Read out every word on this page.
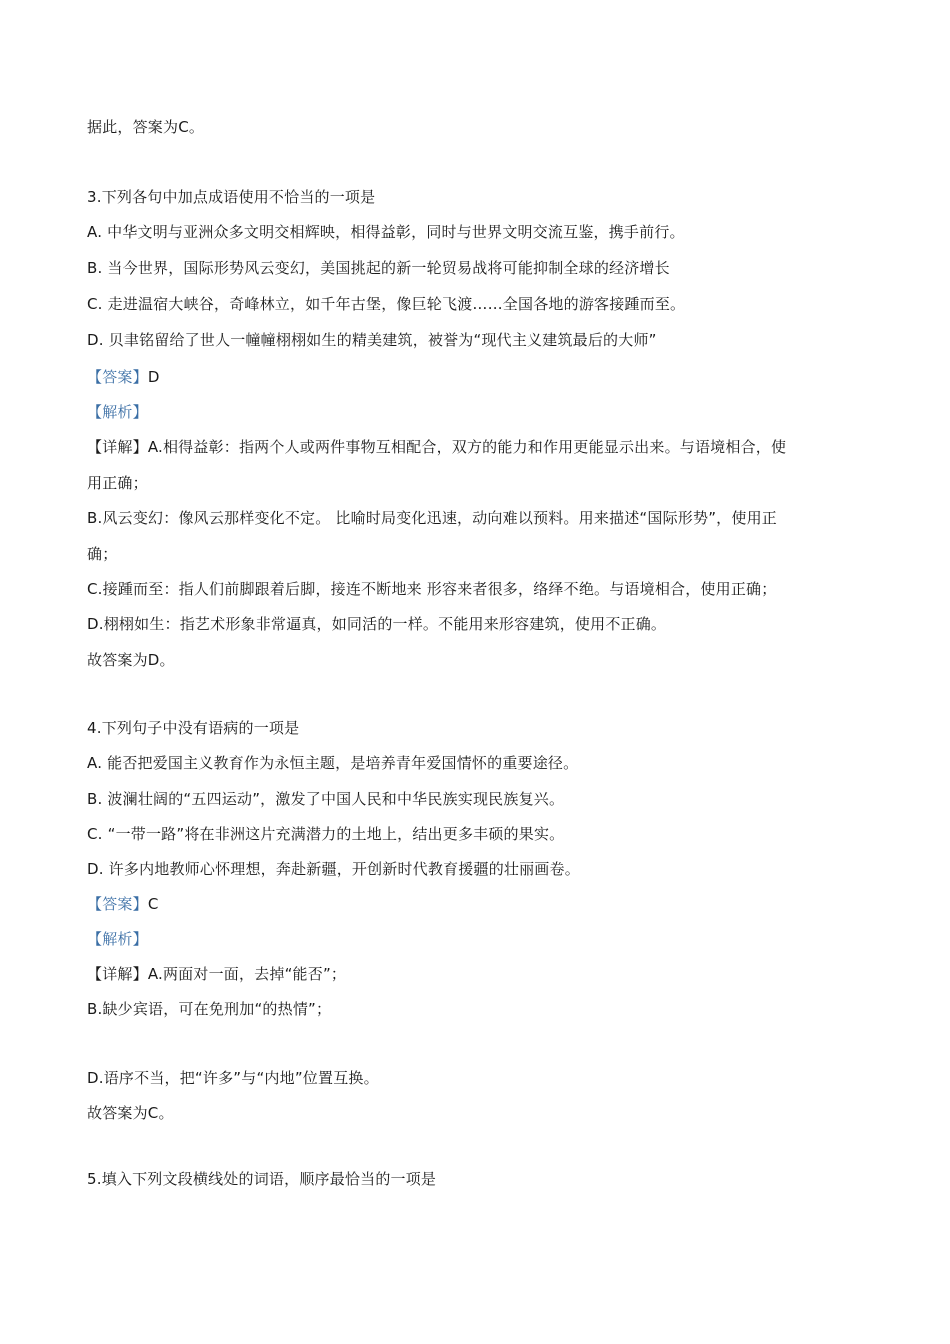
据此，答案为C。
3.下列各句中加点成语使用不恰当的一项是
A. 中华文明与亚洲众多文明交相辉映，相得益彰，同时与世界文明交流互鉴，携手前行。
B. 当今世界，国际形势风云变幻，美国挑起的新一轮贸易战将可能抑制全球的经济增长
C. 走进温宿大峡谷，奇峰林立，如千年古堡，像巨轮飞渡……全国各地的游客接踵而至。
D. 贝聿铭留给了世人一幢幢栩栩如生的精美建筑，被誉为“现代主义建筑最后的大师”
【答案】D
【解析】
【详解】A.相得益彰：指两个人或两件事物互相配合，双方的能力和作用更能显示出来。与语境相合，使
用正确；
B.风云变幻：像风云那样变化不定。 比喻时局变化迅速，动向难以预料。用来描述“国际形势”，使用正
确；
C.接踵而至：指人们前脚跟着后脚，接连不断地来 形容来者很多，络绎不绝。与语境相合，使用正确；
D.栩栩如生：指艺术形象非常逼真，如同活的一样。不能用来形容建筑，使用不正确。
故答案为D。
4.下列句子中没有语病的一项是
A. 能否把爱国主义教育作为永恒主题，是培养青年爱国情怀的重要途径。
B. 波澜壮阔的“五四运动”，激发了中国人民和中华民族实现民族复兴。
C. “一带一路”将在非洲这片充满潜力的土地上，结出更多丰硕的果实。
D. 许多内地教师心怀理想，奔赴新疆，开创新时代教育援疆的壮丽画卷。
【答案】C
【解析】
【详解】A.两面对一面，去掉“能否”；
B.缺少宾语，可在免刑加“的热情”；
D.语序不当，把“许多”与“内地”位置互换。
故答案为C。
5.填入下列文段横线处的词语，顺序最恰当的一项是
